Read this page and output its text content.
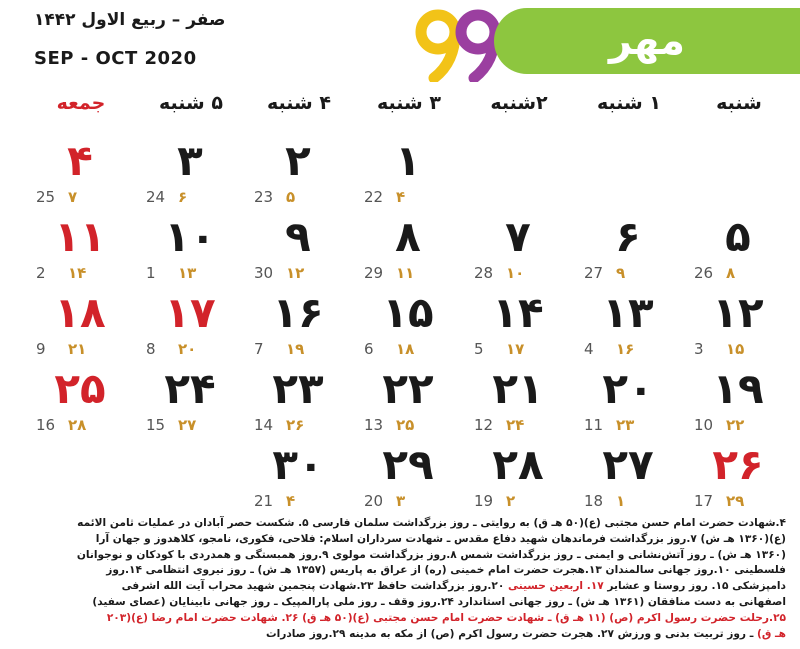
صفر – ربیع الاول ۱۴۴۲
SEP - OCT 2020	مهر
شنبه
۱ شنبه
۲شنبه
۳ شنبه
۴ شنبه
۵ شنبه
جمعه
۱
22 ۴
۲
23 ۵
۳
24 ۶
۴
25 ۷
۵
26 ۸
۶
27 ۹
۷
28 ۱۰
۸
29 ۱۱
۹
30 ۱۲
۱۰
1 ۱۳
۱۱
2 ۱۴
۱۲
3 ۱۵
۱۳
4 ۱۶
۱۴
5 ۱۷
۱۵
6 ۱۸
۱۶
7 ۱۹
۱۷
8 ۲۰
۱۸
9 ۲۱
۱۹
10 ۲۲
۲۰
11 ۲۳
۲۱
12 ۲۴
۲۲
13 ۲۵
۲۳
14 ۲۶
۲۴
15 ۲۷
۲۵
16 ۲۸
۲۶
17 ۲۹
۲۷
18 ۱
۲۸
19 ۲
۲۹
20 ۳
۳۰
21 ۴
۴.شهادت حضرت امام حسن مجتبی (ع)(۵۰ هـ ق) به روایتی ـ روز بزرگداشت سلمان فارسی ۵. شکست حصر آبادان در عملیات ثامن الائمه
(ع)(۱۳۶۰ هـ ش) ۷.روز بزرگداشت فرماندهان شهید دفاع مقدس ـ شهادت سرداران اسلام: فلاحی، فکوری، نامجو، کلاهدوز و جهان آرا
(۱۳۶۰ هـ ش) ـ روز آتش‌نشانی و ایمنی ـ روز بزرگداشت شمس ۸.روز بزرگداشت مولوی ۹.روز همبستگی و همدردی با کودکان و نوجوانان
فلسطینی ۱۰.روز جهانی سالمندان ۱۳.هجرت حضرت امام خمینی (ره) از عراق به پاریس (۱۳۵۷ هـ ش) ـ روز نیروی انتظامی ۱۴.روز
دامپزشکی ۱۵. روز روستا و عشایر ۱۷. اربعین حسینی ۲۰.روز بزرگداشت حافظ ۲۳.شهادت پنجمین شهید محراب آیت الله اشرفی
اصفهانی به دست منافقان (۱۳۶۱ هـ ش) ـ روز جهانی استاندارد ۲۴.روز وقف ـ روز ملی پارالمپیک ـ روز جهانی نابینایان (عصای سفید)
۲۵.رحلت حضرت رسول اکرم (ص) (۱۱ هـ ق) ـ شهادت حضرت امام حسن مجتبی (ع)(۵۰ هـ ق) ۲۶. شهادت حضرت امام رضا (ع)(۲۰۳
هـ ق) ـ روز تربیت بدنی و ورزش ۲۷. هجرت حضرت رسول اکرم (ص) از مکه به مدینه ۲۹.روز صادرات
